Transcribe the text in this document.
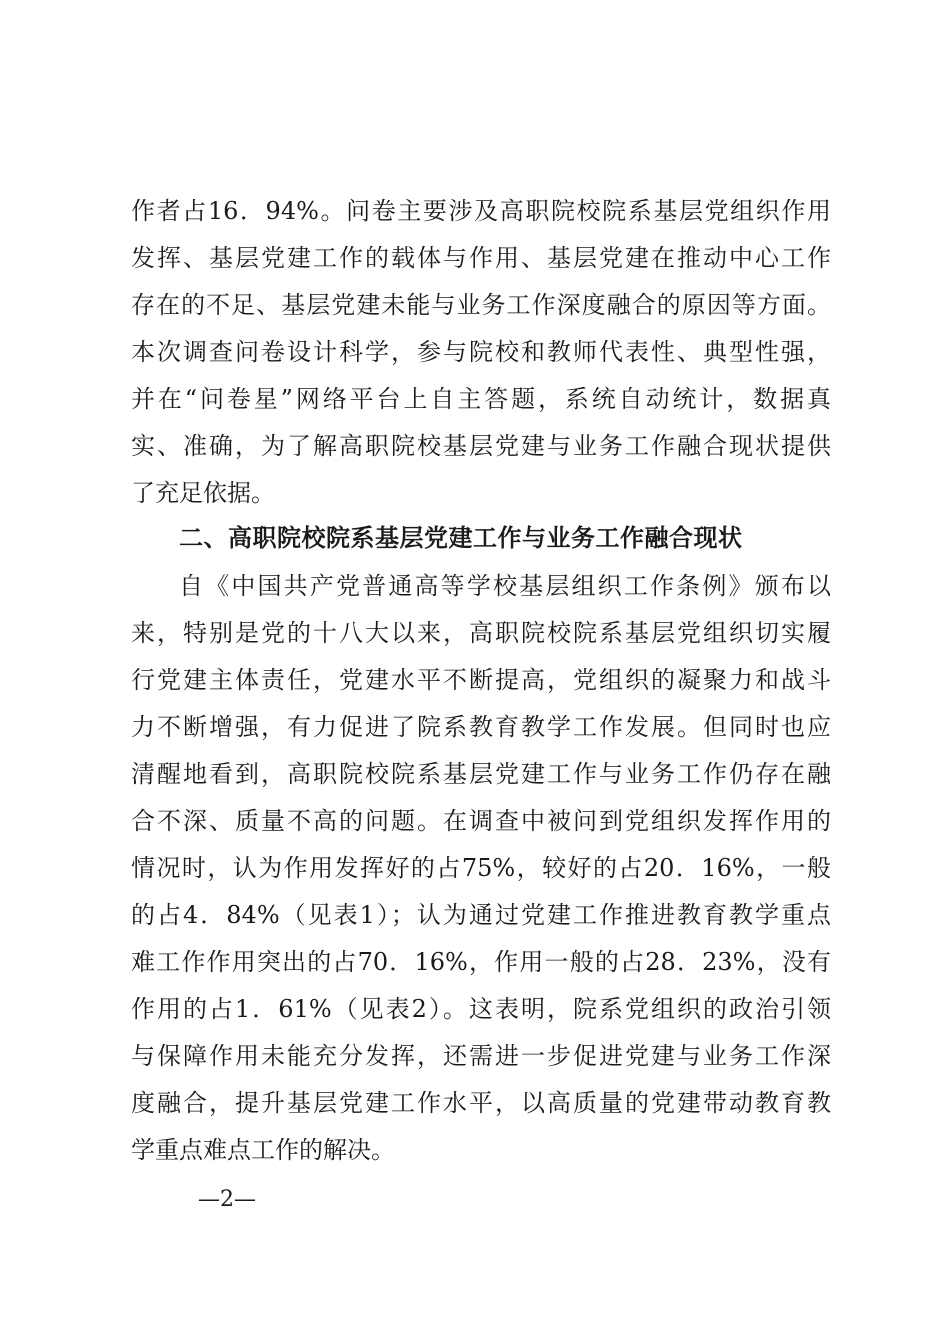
作者占16．94%。问卷主要涉及高职院校院系基层党组织作用
发挥、基层党建工作的载体与作用、基层党建在推动中心工作
存在的不足、基层党建未能与业务工作深度融合的原因等方面。
本次调查问卷设计科学，参与院校和教师代表性、典型性强，
并在“问卷星”网络平台上自主答题，系统自动统计，数据真
实、准确，为了解高职院校基层党建与业务工作融合现状提供
了充足依据。
二、高职院校院系基层党建工作与业务工作融合现状
自《中国共产党普通高等学校基层组织工作条例》颁布以
来，特别是党的十八大以来，高职院校院系基层党组织切实履
行党建主体责任，党建水平不断提高，党组织的凝聚力和战斗
力不断增强，有力促进了院系教育教学工作发展。但同时也应
清醒地看到，高职院校院系基层党建工作与业务工作仍存在融
合不深、质量不高的问题。在调查中被问到党组织发挥作用的
情况时，认为作用发挥好的占75%，较好的占20．16%，一般
的占4．84%（见表1）；认为通过党建工作推进教育教学重点
难工作作用突出的占70．16%，作用一般的占28．23%，没有
作用的占1．61%（见表2）。这表明，院系党组织的政治引领
与保障作用未能充分发挥，还需进一步促进党建与业务工作深
度融合，提升基层党建工作水平，以高质量的党建带动教育教
学重点难点工作的解决。
—2—
